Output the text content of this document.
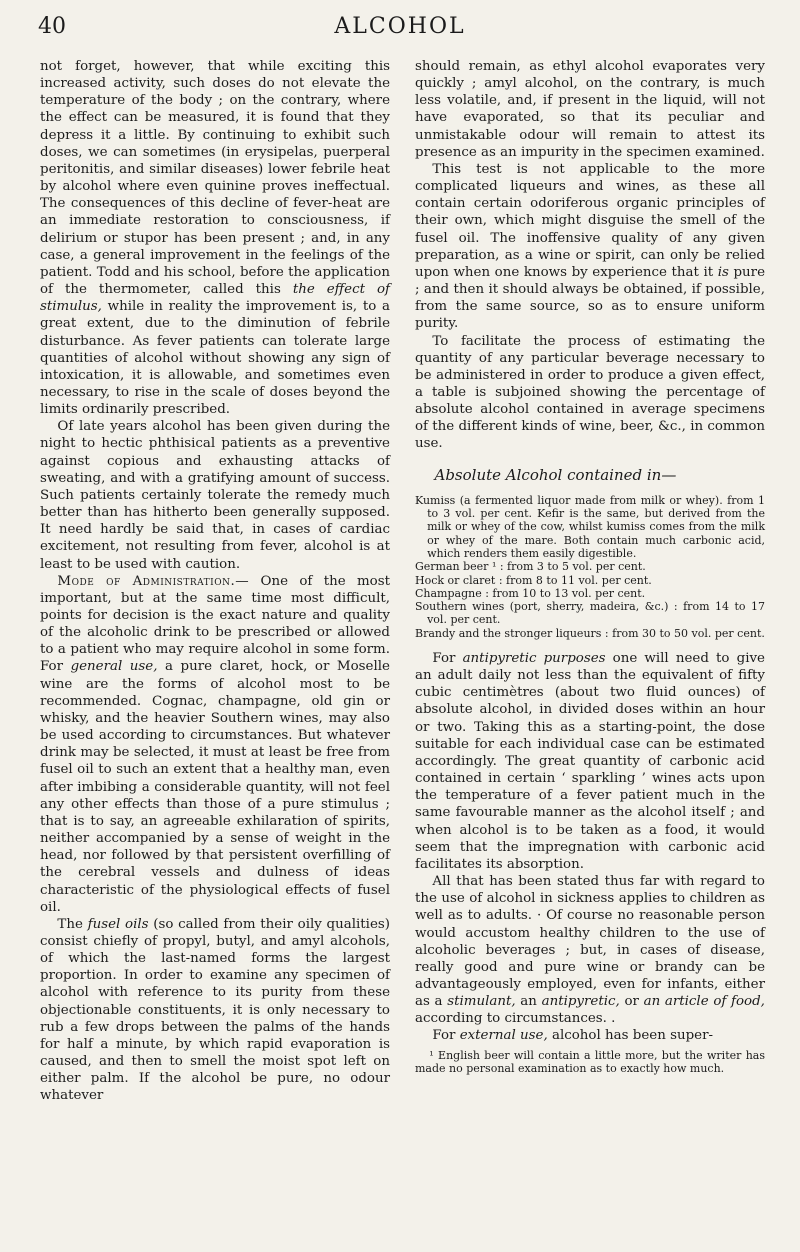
40	ALCOHOL

not forget, however, that while exciting this increased activity, such doses do not elevate the temperature of the body ; on the contrary, where the effect can be measured, it is found that they depress it a little. By continuing to exhibit such doses, we can sometimes (in erysipelas, puerperal peritonitis, and similar diseases) lower febrile heat by alcohol where even quinine proves ineffectual. The consequences of this decline of fever-heat are an immediate restoration to consciousness, if delirium or stupor has been present ; and, in any case, a general improvement in the feelings of the patient. Todd and his school, before the application of the thermometer, called this the effect of stimulus, while in reality the improvement is, to a great extent, due to the diminution of febrile disturbance. As fever patients can tolerate large quantities of alcohol without showing any sign of intoxication, it is allowable, and sometimes even necessary, to rise in the scale of doses beyond the limits ordinarily prescribed.

Of late years alcohol has been given during the night to hectic phthisical patients as a preventive against copious and exhausting attacks of sweating, and with a gratifying amount of success. Such patients certainly tolerate the remedy much better than has hitherto been generally supposed. It need hardly be said that, in cases of cardiac excitement, not resulting from fever, alcohol is at least to be used with caution.

Mode of Administration.— One of the most important, but at the same time most difficult, points for decision is the exact nature and quality of the alcoholic drink to be prescribed or allowed to a patient who may require alcohol in some form. For general use, a pure claret, hock, or Moselle wine are the forms of alcohol most to be recommended. Cognac, champagne, old gin or whisky, and the heavier Southern wines, may also be used according to circumstances. But whatever drink may be selected, it must at least be free from fusel oil to such an extent that a healthy man, even after imbibing a considerable quantity, will not feel any other effects than those of a pure stimulus ; that is to say, an agreeable exhilaration of spirits, neither accompanied by a sense of weight in the head, nor followed by that persistent overfilling of the cerebral vessels and dulness of ideas characteristic of the physiological effects of fusel oil.

The fusel oils (so called from their oily qualities) consist chiefly of propyl, butyl, and amyl alcohols, of which the last-named forms the largest proportion. In order to examine any specimen of alcohol with reference to its purity from these objectionable constituents, it is only necessary to rub a few drops between the palms of the hands for half a minute, by which rapid evaporation is caused, and then to smell the moist spot left on either palm. If the alcohol be pure, no odour whatever

should remain, as ethyl alcohol evaporates very quickly ; amyl alcohol, on the contrary, is much less volatile, and, if present in the liquid, will not have evaporated, so that its peculiar and unmistakable odour will remain to attest its presence as an impurity in the specimen examined.

This test is not applicable to the more complicated liqueurs and wines, as these all contain certain odoriferous organic principles of their own, which might disguise the smell of the fusel oil. The inoffensive quality of any given preparation, as a wine or spirit, can only be relied upon when one knows by experience that it is pure ; and then it should always be obtained, if possible, from the same source, so as to ensure uniform purity.

To facilitate the process of estimating the quantity of any particular beverage necessary to be administered in order to produce a given effect, a table is subjoined showing the percentage of absolute alcohol contained in average specimens of the different kinds of wine, beer, &c., in common use.

Absolute Alcohol contained in—

Kumiss (a fermented liquor made from milk or whey). from 1 to 3 vol. per cent. Kefir is the same, but derived from the milk or whey of the cow, whilst kumiss comes from the milk or whey of the mare. Both contain much carbonic acid, which renders them easily digestible.

German beer ¹ : from 3 to 5 vol. per cent.

Hock or claret : from 8 to 11 vol. per cent.

Champagne : from 10 to 13 vol. per cent.

Southern wines (port, sherry, madeira, &c.) : from 14 to 17 vol. per cent.

Brandy and the stronger liqueurs : from 30 to 50 vol. per cent.

For antipyretic purposes one will need to give an adult daily not less than the equivalent of fifty cubic centimètres (about two fluid ounces) of absolute alcohol, in divided doses within an hour or two. Taking this as a starting-point, the dose suitable for each individual case can be estimated accordingly. The great quantity of carbonic acid contained in certain ‘ sparkling ’ wines acts upon the temperature of a fever patient much in the same favourable manner as the alcohol itself ; and when alcohol is to be taken as a food, it would seem that the impregnation with carbonic acid facilitates its absorption.

All that has been stated thus far with regard to the use of alcohol in sickness applies to children as well as to adults. · Of course no reasonable person would accustom healthy children to the use of alcoholic beverages ; but, in cases of disease, really good and pure wine or brandy can be advantageously employed, even for infants, either as a stimulant, an antipyretic, or an article of food, according to circumstances. .

For external use, alcohol has been super-

¹ English beer will contain a little more, but the writer has made no personal examination as to exactly how much.
